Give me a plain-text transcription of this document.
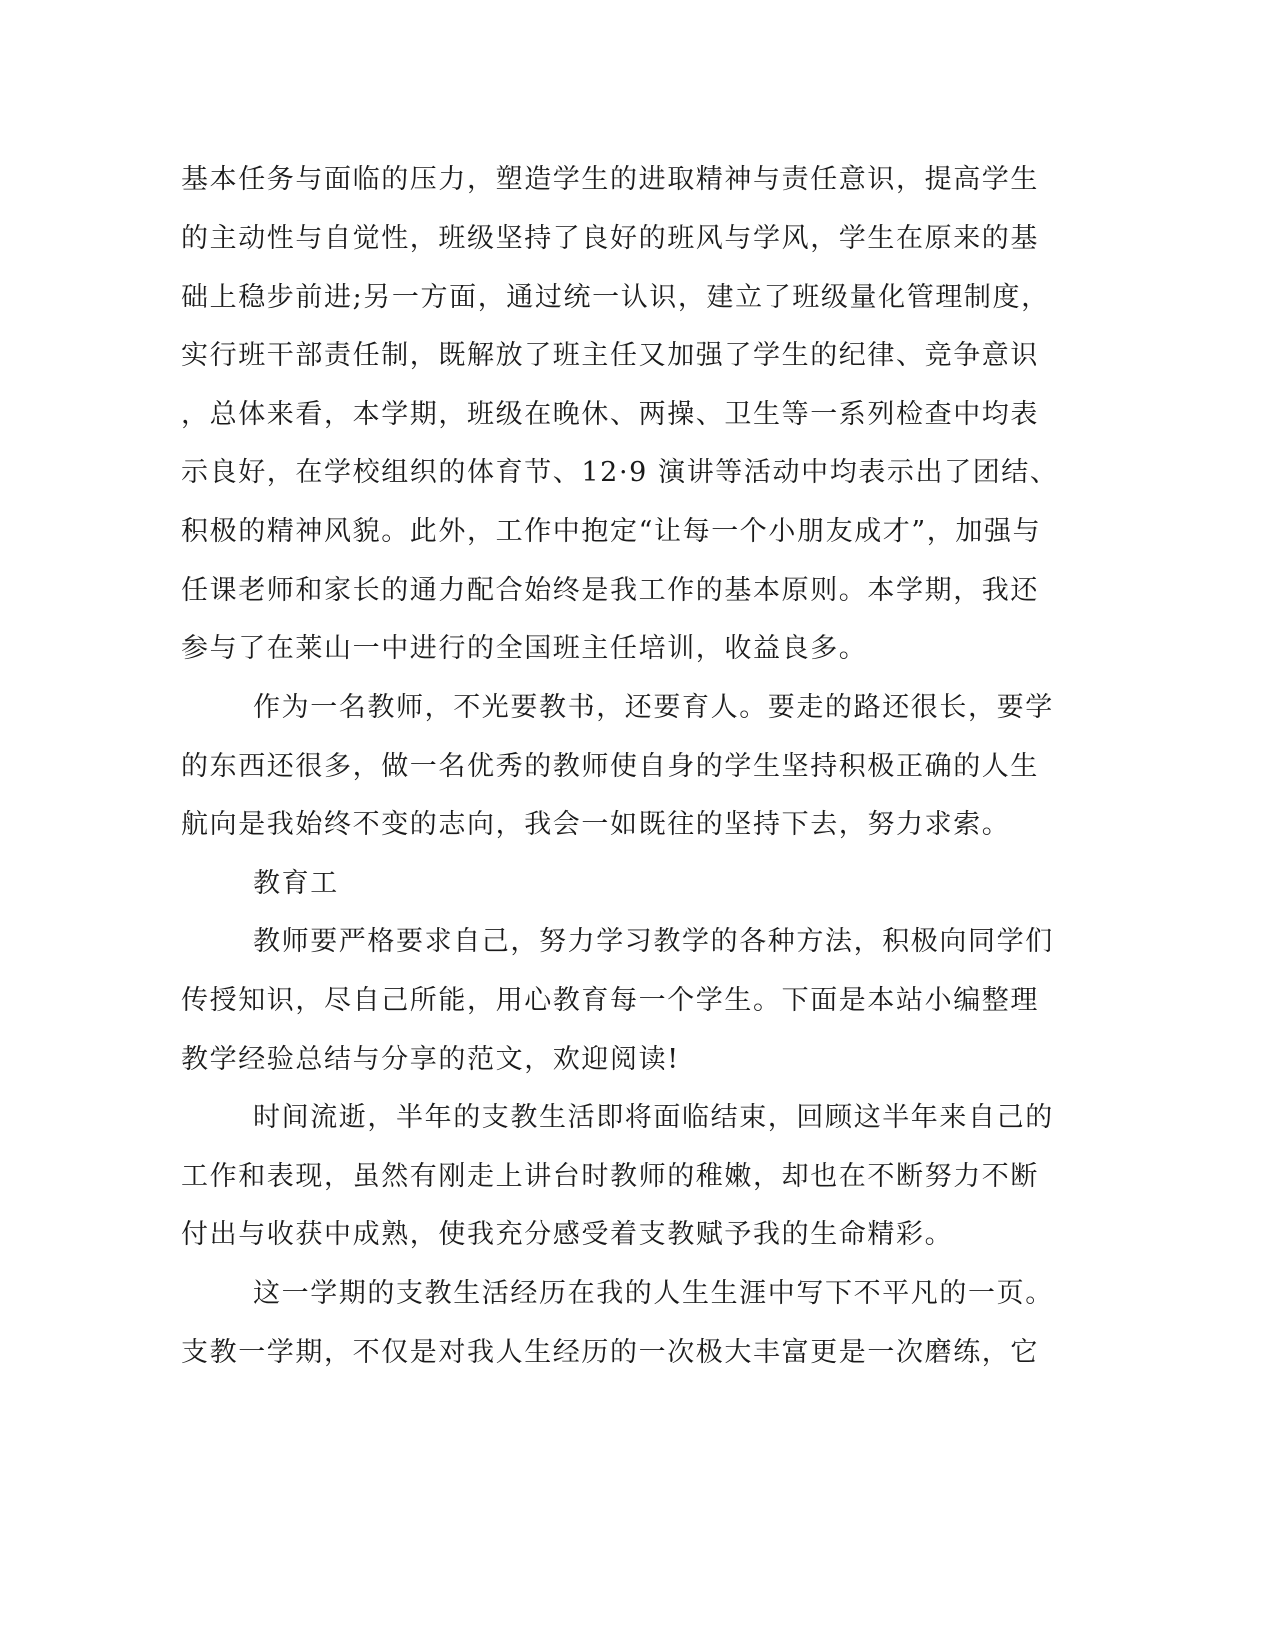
基本任务与面临的压力，塑造学生的进取精神与责任意识，提高学生
的主动性与自觉性，班级坚持了良好的班风与学风，学生在原来的基
础上稳步前进;另一方面，通过统一认识，建立了班级量化管理制度，
实行班干部责任制，既解放了班主任又加强了学生的纪律、竞争意识
，总体来看，本学期，班级在晚休、两操、卫生等一系列检查中均表
示良好，在学校组织的体育节、12·9 演讲等活动中均表示出了团结、
积极的精神风貌。此外，工作中抱定“让每一个小朋友成才”，加强与
任课老师和家长的通力配合始终是我工作的基本原则。本学期，我还
参与了在莱山一中进行的全国班主任培训，收益良多。
作为一名教师，不光要教书，还要育人。要走的路还很长，要学
的东西还很多，做一名优秀的教师使自身的学生坚持积极正确的人生
航向是我始终不变的志向，我会一如既往的坚持下去，努力求索。
教育工
教师要严格要求自己，努力学习教学的各种方法，积极向同学们
传授知识，尽自己所能，用心教育每一个学生。下面是本站小编整理
教学经验总结与分享的范文，欢迎阅读!
时间流逝，半年的支教生活即将面临结束，回顾这半年来自己的
工作和表现，虽然有刚走上讲台时教师的稚嫩，却也在不断努力不断
付出与收获中成熟，使我充分感受着支教赋予我的生命精彩。
这一学期的支教生活经历在我的人生生涯中写下不平凡的一页。
支教一学期，不仅是对我人生经历的一次极大丰富更是一次磨练，它
